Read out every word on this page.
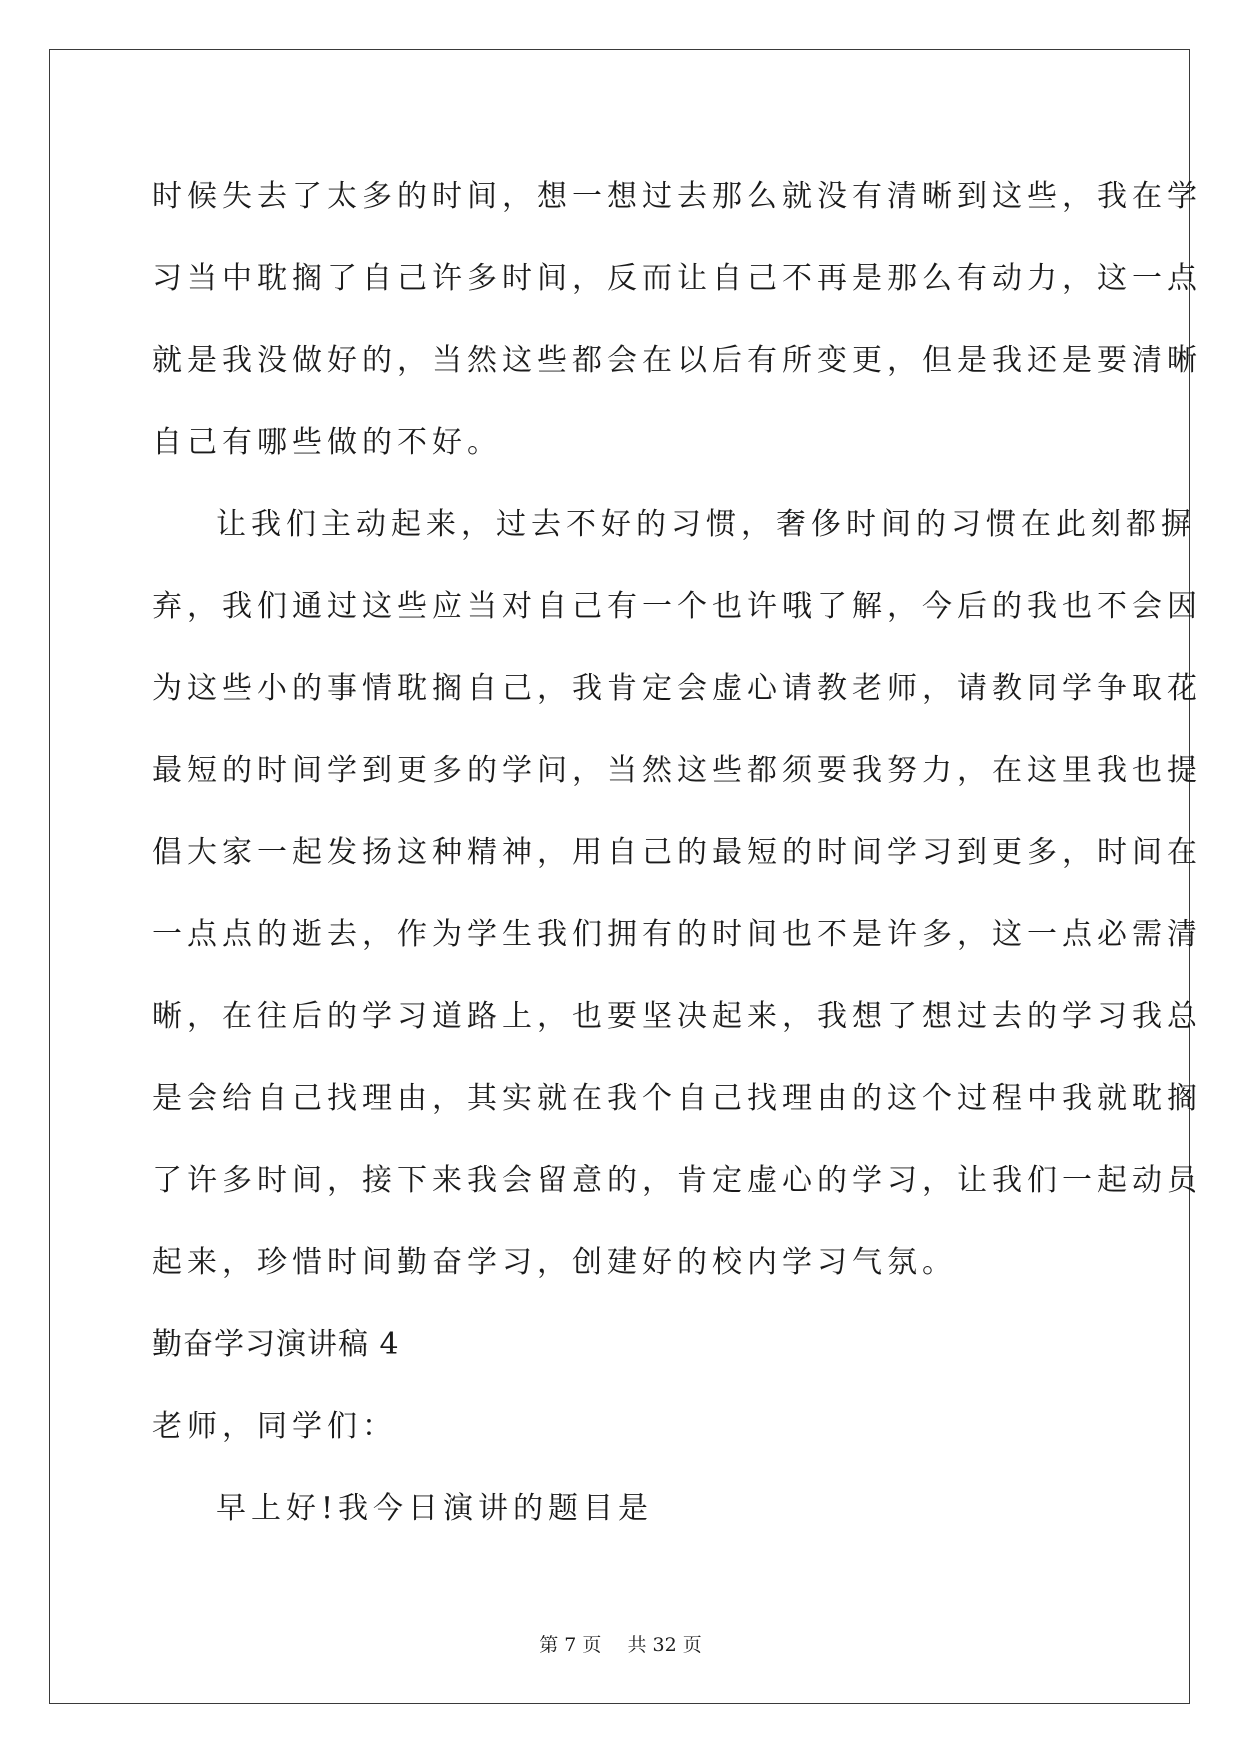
时候失去了太多的时间，想一想过去那么就没有清晰到这些，我在学
习当中耽搁了自己许多时间，反而让自己不再是那么有动力，这一点
就是我没做好的，当然这些都会在以后有所变更，但是我还是要清晰
自己有哪些做的不好。
让我们主动起来，过去不好的习惯，奢侈时间的习惯在此刻都摒
弃，我们通过这些应当对自己有一个也许哦了解，今后的我也不会因
为这些小的事情耽搁自己，我肯定会虚心请教老师，请教同学争取花
最短的时间学到更多的学问，当然这些都须要我努力，在这里我也提
倡大家一起发扬这种精神，用自己的最短的时间学习到更多，时间在
一点点的逝去，作为学生我们拥有的时间也不是许多，这一点必需清
晰，在往后的学习道路上，也要坚决起来，我想了想过去的学习我总
是会给自己找理由，其实就在我个自己找理由的这个过程中我就耽搁
了许多时间，接下来我会留意的，肯定虚心的学习，让我们一起动员
起来，珍惜时间勤奋学习，创建好的校内学习气氛。
勤奋学习演讲稿 4
老师，同学们：
早上好!我今日演讲的题目是
第 7 页 共 32 页
